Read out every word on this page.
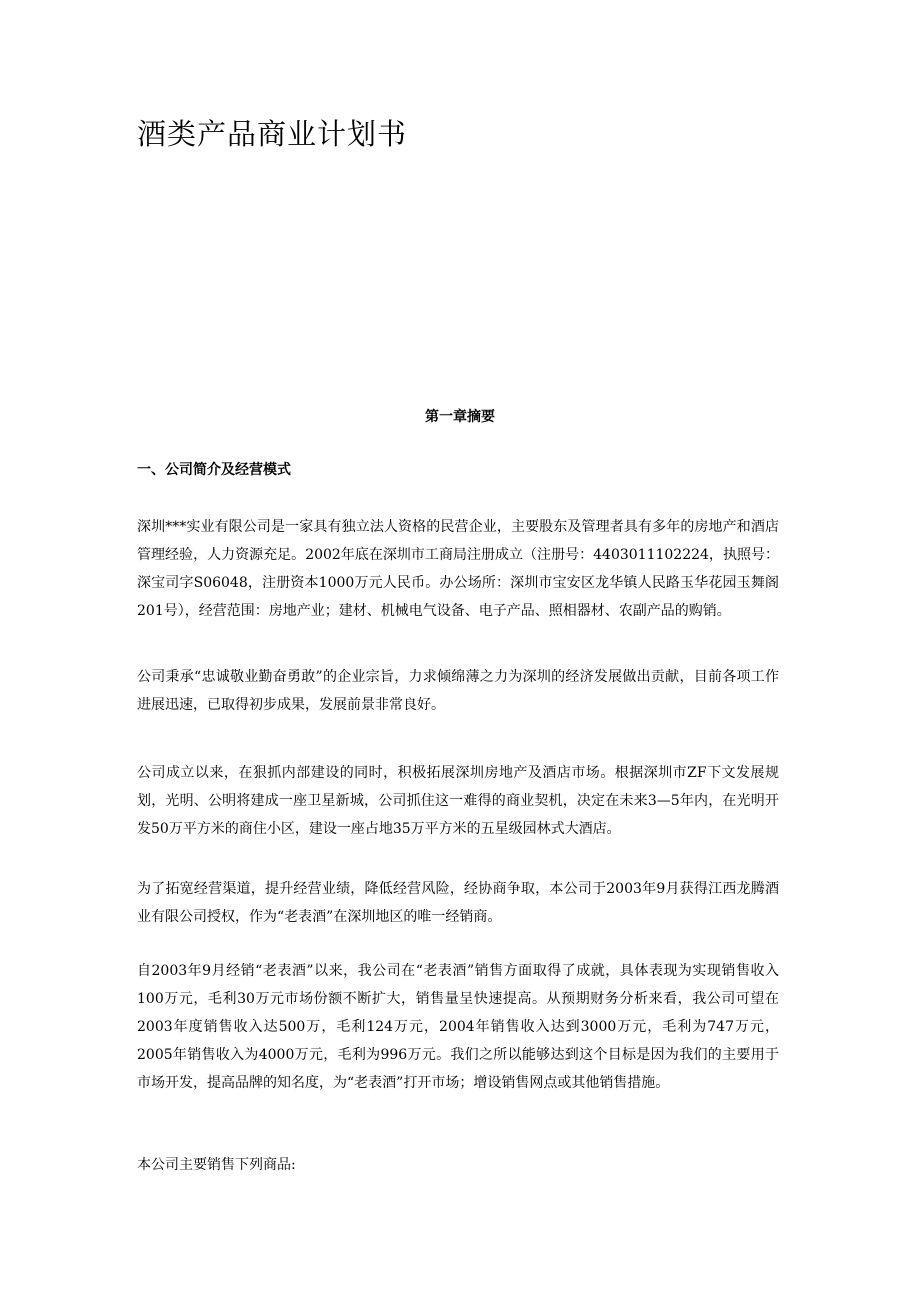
酒类产品商业计划书
第一章摘要
一、公司简介及经营模式

深圳***实业有限公司是一家具有独立法人资格的民营企业，主要股东及管理者具有多年的房地产和酒店管理经验，人力资源充足。2002年底在深圳市工商局注册成立（注册号：4403011102224，执照号：深宝司字S06048，注册资本1000万元人民币。办公场所：深圳市宝安区龙华镇人民路玉华花园玉舞阁201号），经营范围：房地产业；建材、机械电气设备、电子产品、照相器材、农副产品的购销。

公司秉承“忠诚敬业勤奋勇敢”的企业宗旨，力求倾绵薄之力为深圳的经济发展做出贡献，目前各项工作进展迅速，已取得初步成果，发展前景非常良好。

公司成立以来，在狠抓内部建设的同时，积极拓展深圳房地产及酒店市场。根据深圳市ZF下文发展规划，光明、公明将建成一座卫星新城，公司抓住这一难得的商业契机，决定在未来3—5年内，在光明开发50万平方米的商住小区，建设一座占地35万平方米的五星级园林式大酒店。

为了拓宽经营渠道，提升经营业绩，降低经营风险，经协商争取，本公司于2003年9月获得江西龙腾酒业有限公司授权，作为“老表酒”在深圳地区的唯一经销商。

自2003年9月经销“老表酒”以来，我公司在“老表酒”销售方面取得了成就，具体表现为实现销售收入100万元，毛利30万元市场份额不断扩大，销售量呈快速提高。从预期财务分析来看，我公司可望在2003年度销售收入达500万，毛利124万元，2004年销售收入达到3000万元，毛利为747万元，2005年销售收入为4000万元，毛利为996万元。我们之所以能够达到这个目标是因为我们的主要用于市场开发，提高品牌的知名度，为“老表酒”打开市场；增设销售网点或其他销售措施。

本公司主要销售下列商品:
